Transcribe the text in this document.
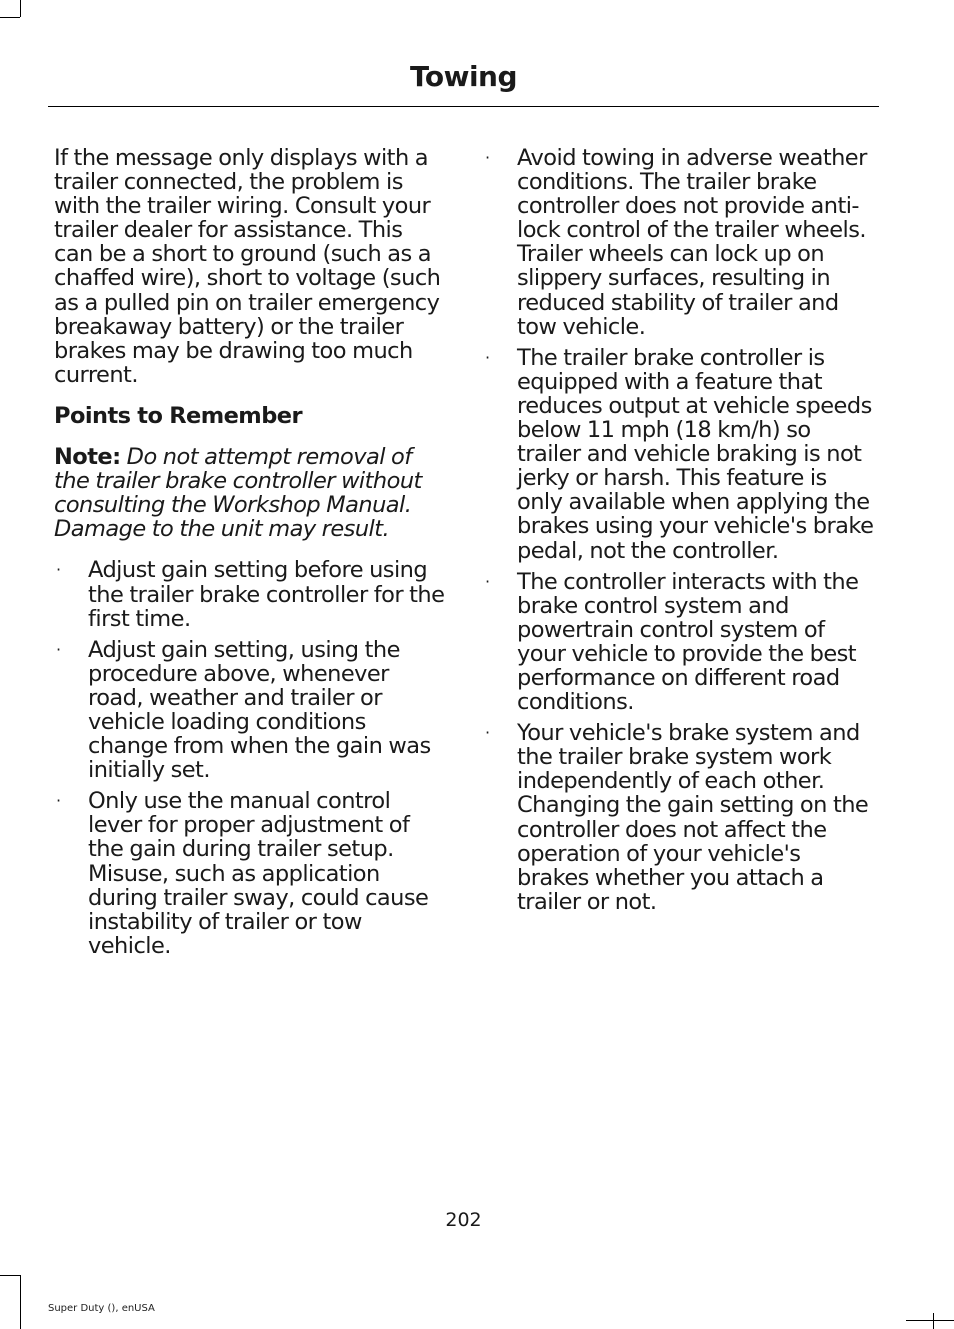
Towing

If the message only displays with a trailer connected, the problem is with the trailer wiring. Consult your trailer dealer for assistance. This can be a short to ground (such as a chaffed wire), short to voltage (such as a pulled pin on trailer emergency breakaway battery) or the trailer brakes may be drawing too much current.

Points to Remember

Note: Do not attempt removal of the trailer brake controller without consulting the Workshop Manual. Damage to the unit may result.

· Adjust gain setting before using the trailer brake controller for the first time.
· Adjust gain setting, using the procedure above, whenever road, weather and trailer or vehicle loading conditions change from when the gain was initially set.
· Only use the manual control lever for proper adjustment of the gain during trailer setup. Misuse, such as application during trailer sway, could cause instability of trailer or tow vehicle.
· Avoid towing in adverse weather conditions. The trailer brake controller does not provide anti-lock control of the trailer wheels. Trailer wheels can lock up on slippery surfaces, resulting in reduced stability of trailer and tow vehicle.
· The trailer brake controller is equipped with a feature that reduces output at vehicle speeds below 11 mph (18 km/h) so trailer and vehicle braking is not jerky or harsh. This feature is only available when applying the brakes using your vehicle's brake pedal, not the controller.
· The controller interacts with the brake control system and powertrain control system of your vehicle to provide the best performance on different road conditions.
· Your vehicle's brake system and the trailer brake system work independently of each other. Changing the gain setting on the controller does not affect the operation of your vehicle's brakes whether you attach a trailer or not.
202
Super Duty (), enUSA
